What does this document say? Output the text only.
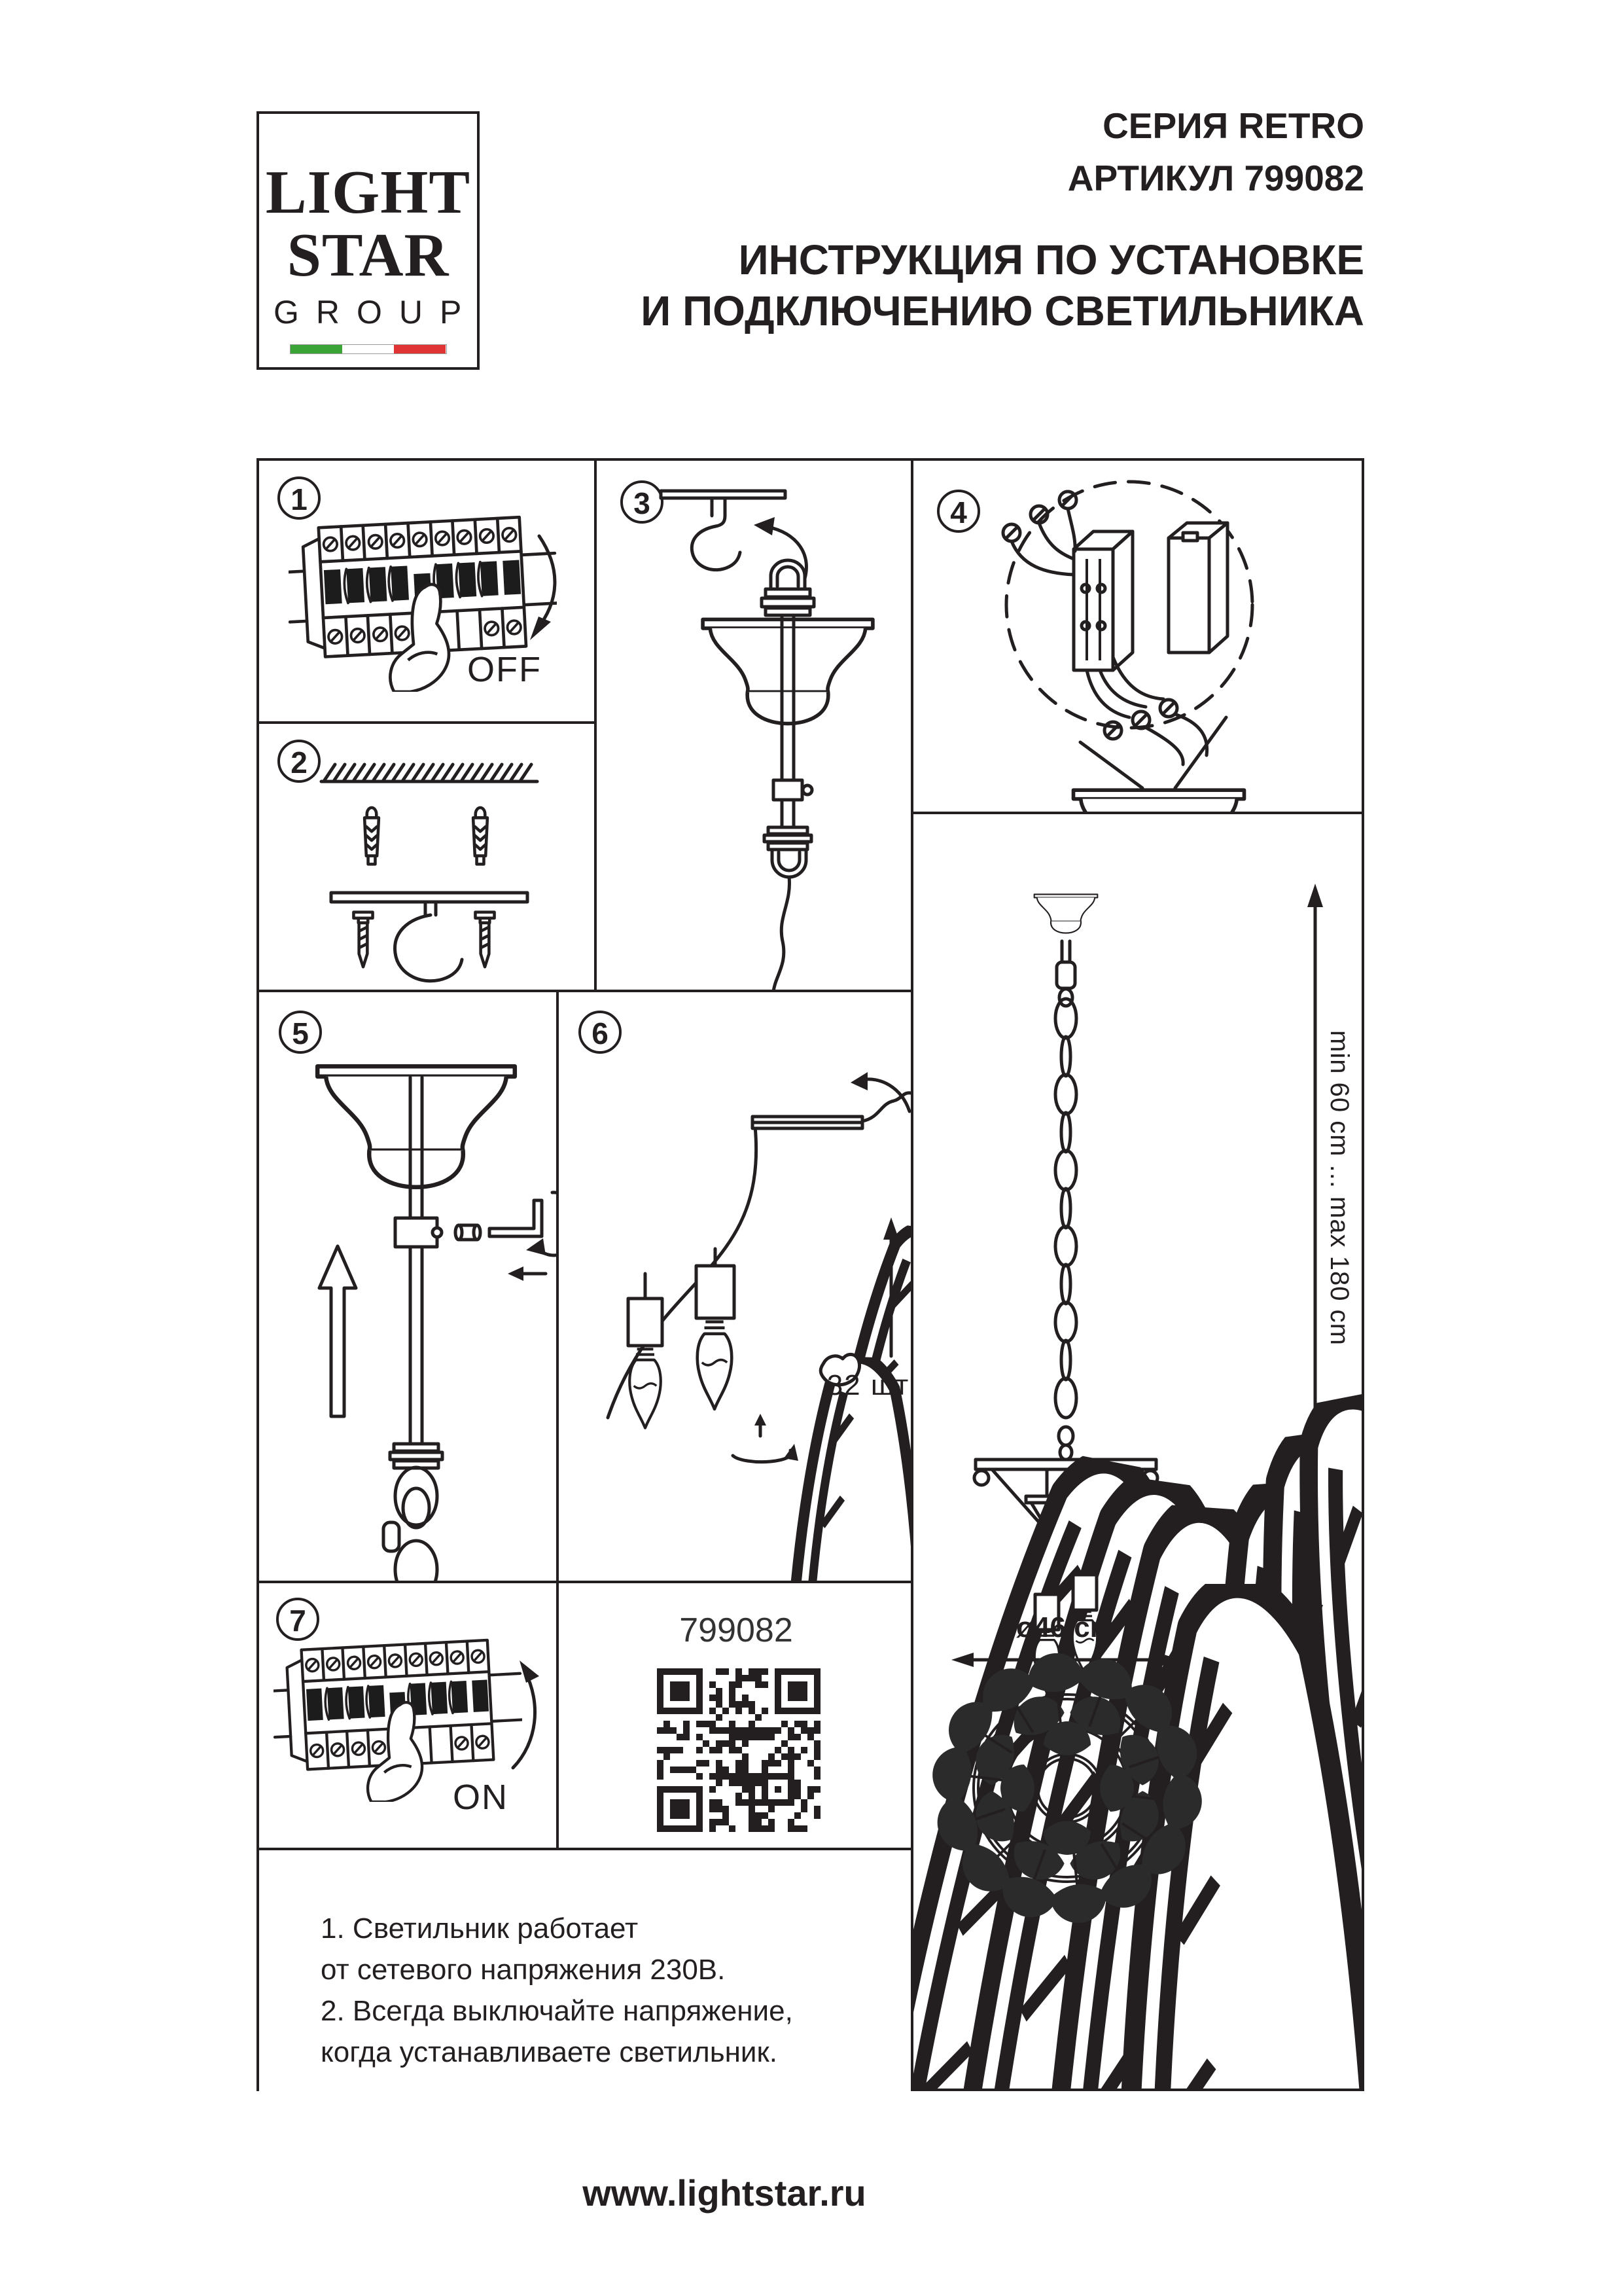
LIGHT
STAR
GROUP
СЕРИЯ RETRO
АРТИКУЛ 799082
ИНСТРУКЦИЯ ПО УСТАНОВКЕ
И ПОДКЛЮЧЕНИЮ СВЕТИЛЬНИКА
1
OFF
2
3	4
5	6
32 шт
7
ON
799082
1. Светильник работает
от сетевого напряжения 230В.
2. Всегда выключайте напряжение,
когда устанавливаете светильник.
min 60 cm ... max 180 cm
ø46 cm
www.lightstar.ru
